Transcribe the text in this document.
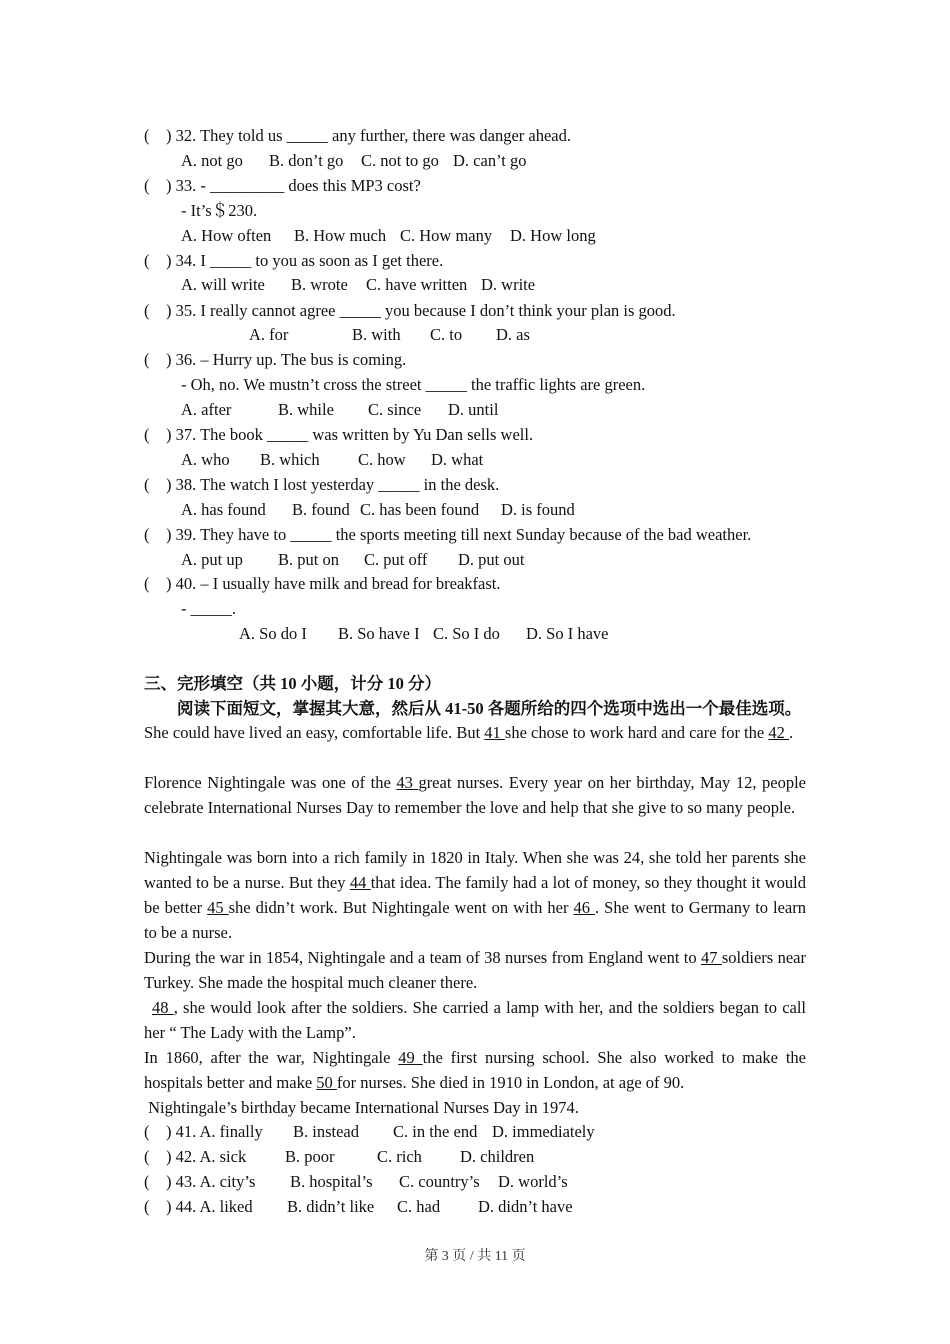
(    ) 32. They told us _____ any further, there was danger ahead.
A. not go B. don’t go C. not to go D. can’t go
(    ) 33. - _________ does this MP3 cost?
- It’s＄230.
A. How often B. How much C. How many D. How long
(    ) 34. I _____ to you as soon as I get there.
A. will write B. wrote C. have written D. write
(    ) 35. I really cannot agree _____ you because I don’t think your plan is good.
A. for	B. with C. to D. as
(    ) 36. – Hurry up. The bus is coming.
- Oh, no. We mustn’t cross the street _____ the traffic lights are green.
A. after	B. while C. since D. until
(    ) 37. The book _____ was written by Yu Dan sells well.
A. who B. which C. how D. what
(    ) 38. The watch I lost yesterday _____ in the desk.
A. has found B. found C. has been found D. is found
(    ) 39. They have to _____ the sports meeting till next Sunday because of the bad weather.
A. put up B. put on C. put off D. put out
(    ) 40. – I usually have milk and bread for breakfast.
- _____.
A. So do I B. So have I C. So I do D. So I have
三、完形填空（共 10 小题，计分 10 分）
阅读下面短文，掌握其大意，然后从 41-50 各题所给的四个选项中选出一个最佳选项。
She could have lived an easy, comfortable life. But 41 she chose to work hard and care for the 42 .
Florence Nightingale was one of the 43 great nurses. Every year on her birthday, May 12, people celebrate International Nurses Day to remember the love and help that she give to so many people.
Nightingale was born into a rich family in 1820 in Italy. When she was 24, she told her parents she wanted to be a nurse. But they 44 that idea. The family had a lot of money, so they thought it would be better 45 she didn’t work. But Nightingale went on with her 46 . She went to Germany to learn to be a nurse.
During the war in 1854, Nightingale and a team of 38 nurses from England went to 47 soldiers near Turkey. She made the hospital much cleaner there.
48 , she would look after the soldiers. She carried a lamp with her, and the soldiers began to call her “ The Lady with the Lamp”.
In 1860, after the war, Nightingale 49 the first nursing school. She also worked to make the hospitals better and make 50 for nurses. She died in 1910 in London, at age of 90.
Nightingale’s birthday became International Nurses Day in 1974.
(    ) 41. A. finally B. instead C. in the end D. immediately
(    ) 42. A. sick B. poor	C. rich D. children
(    ) 43. A. city’s B. hospital’s C. country’s D. world’s
(    ) 44. A. liked B. didn’t like C. had D. didn’t have
第 3 页 / 共 11 页
